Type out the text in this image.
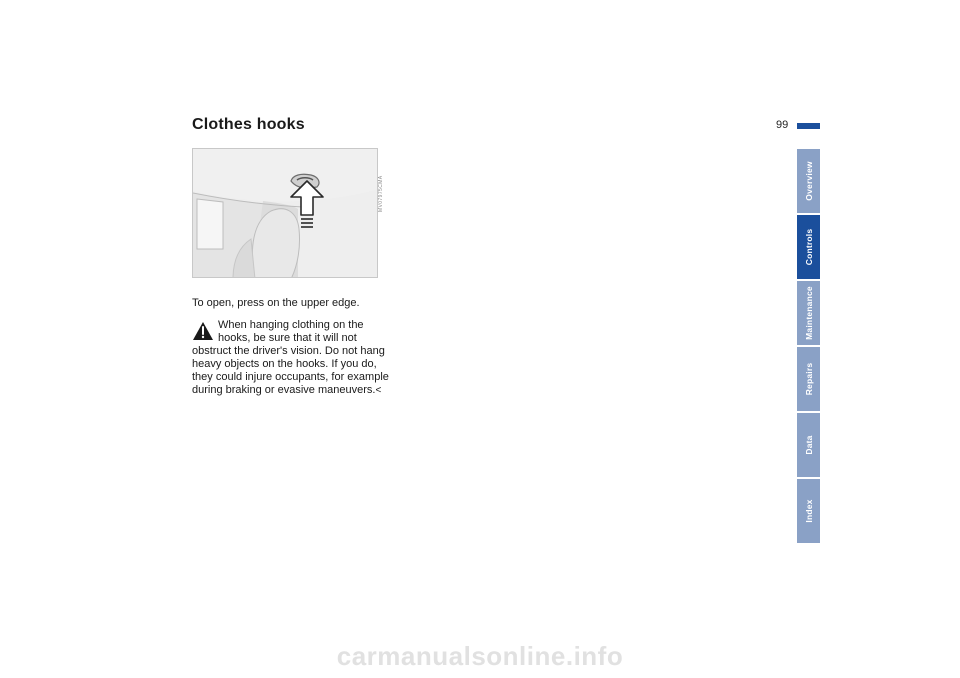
99
Clothes hooks
MV07975CMA

To open, press on the upper edge.

When hanging clothing on the hooks, be sure that it will not obstruct the driver's vision. Do not hang heavy objects on the hooks. If you do, they could injure occupants, for example during braking or evasive maneuvers.<

Overview
Controls
Maintenance
Repairs
Data
Index
carmanualsonline.info
